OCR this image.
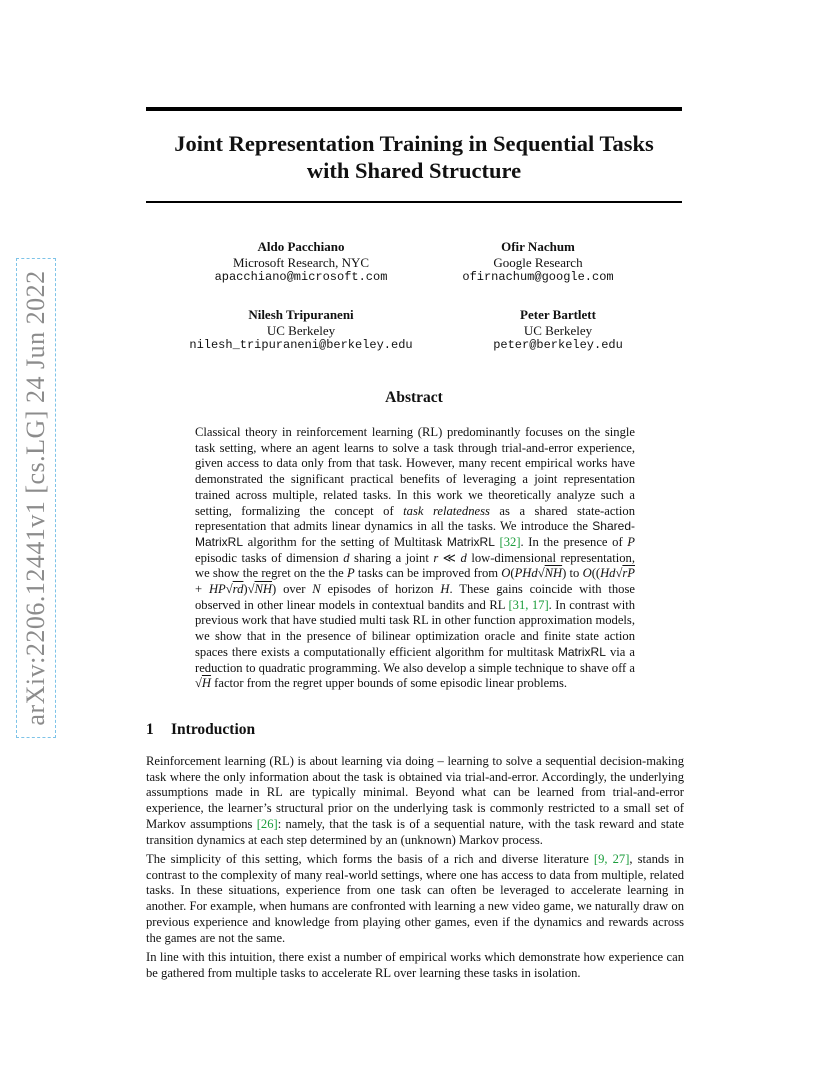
arXiv:2206.12441v1 [cs.LG] 24 Jun 2022
Joint Representation Training in Sequential Tasks
with Shared Structure
Aldo Pacchiano
Microsoft Research, NYC
apacchiano@microsoft.com
Ofir Nachum
Google Research
ofirnachum@google.com
Nilesh Tripuraneni
UC Berkeley
nilesh_tripuraneni@berkeley.edu
Peter Bartlett
UC Berkeley
peter@berkeley.edu
Abstract
Classical theory in reinforcement learning (RL) predominantly focuses on the single task setting, where an agent learns to solve a task through trial-and-error experience, given access to data only from that task. However, many recent empirical works have demonstrated the significant practical benefits of leveraging a joint representation trained across multiple, related tasks. In this work we theoretically analyze such a setting, formalizing the concept of task relatedness as a shared state-action representation that admits linear dynamics in all the tasks. We introduce the Shared-MatrixRL algorithm for the setting of Multitask MatrixRL [32]. In the presence of P episodic tasks of dimension d sharing a joint r ≪ d low-dimensional representation, we show the regret on the the P tasks can be improved from O(PHd√NH) to O((Hd√rP + HP√rd)√NH) over N episodes of horizon H. These gains coincide with those observed in other linear models in contextual bandits and RL [31, 17]. In contrast with previous work that have studied multi task RL in other function approximation models, we show that in the presence of bilinear optimization oracle and finite state action spaces there exists a computationally efficient algorithm for multitask MatrixRL via a reduction to quadratic programming. We also develop a simple technique to shave off a √H factor from the regret upper bounds of some episodic linear problems.
1 Introduction
Reinforcement learning (RL) is about learning via doing – learning to solve a sequential decision-making task where the only information about the task is obtained via trial-and-error. Accordingly, the underlying assumptions made in RL are typically minimal. Beyond what can be learned from trial-and-error experience, the learner’s structural prior on the underlying task is commonly restricted to a small set of Markov assumptions [26]: namely, that the task is of a sequential nature, with the task reward and state transition dynamics at each step determined by an (unknown) Markov process.
The simplicity of this setting, which forms the basis of a rich and diverse literature [9, 27], stands in contrast to the complexity of many real-world settings, where one has access to data from multiple, related tasks. In these situations, experience from one task can often be leveraged to accelerate learning in another. For example, when humans are confronted with learning a new video game, we naturally draw on previous experience and knowledge from playing other games, even if the dynamics and rewards across the games are not the same.
In line with this intuition, there exist a number of empirical works which demonstrate how experience can be gathered from multiple tasks to accelerate RL over learning these tasks in isolation.
